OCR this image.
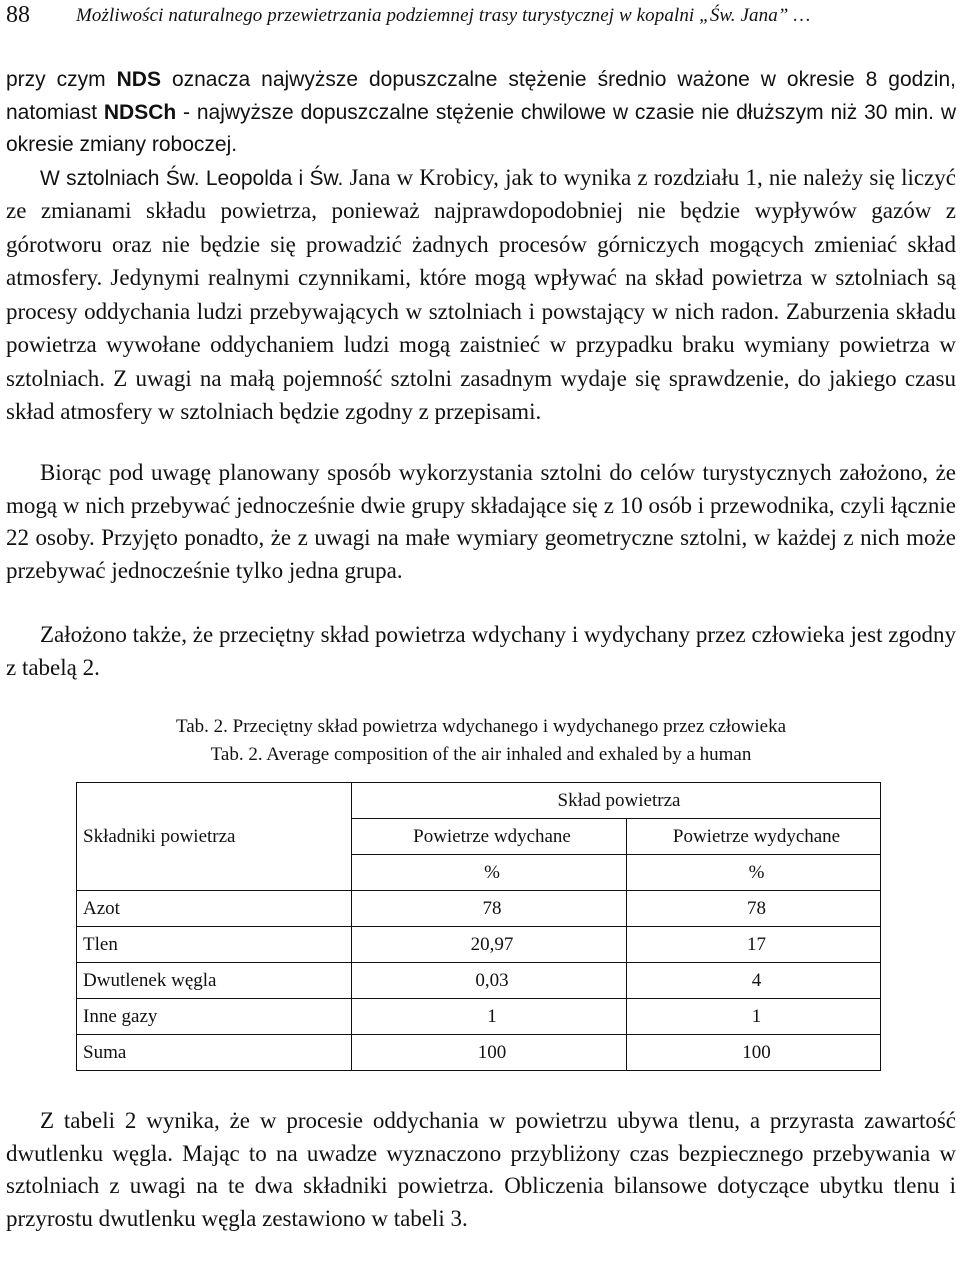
88 Możliwości naturalnego przewietrzania podziemnej trasy turystycznej w kopalni „Św. Jana” …

przy czym NDS oznacza najwyższe dopuszczalne stężenie średnio ważone w okresie 8 godzin, natomiast NDSCh - najwyższe dopuszczalne stężenie chwilowe w czasie nie dłuższym niż 30 min. w okresie zmiany roboczej.

W sztolniach Św. Leopolda i Św. Jana w Krobicy, jak to wynika z rozdziału 1, nie należy się liczyć ze zmianami składu powietrza, ponieważ najprawdopodobniej nie będzie wypływów gazów z górotworu oraz nie będzie się prowadzić żadnych procesów górniczych mogących zmieniać skład atmosfery. Jedynymi realnymi czynnikami, które mogą wpływać na skład powietrza w sztolniach są procesy oddychania ludzi przebywających w sztolniach i powstający w nich radon. Zaburzenia składu powietrza wywołane oddychaniem ludzi mogą zaistnieć w przypadku braku wymiany powietrza w sztolniach. Z uwagi na małą pojemność sztolni zasadnym wydaje się sprawdzenie, do jakiego czasu skład atmosfery w sztolniach będzie zgodny z przepisami.

Biorąc pod uwagę planowany sposób wykorzystania sztolni do celów turystycznych założono, że mogą w nich przebywać jednocześnie dwie grupy składające się z 10 osób i przewodnika, czyli łącznie 22 osoby. Przyjęto ponadto, że z uwagi na małe wymiary geometryczne sztolni, w każdej z nich może przebywać jednocześnie tylko jedna grupa.

Założono także, że przeciętny skład powietrza wdychany i wydychany przez człowieka jest zgodny z tabelą 2.

Tab. 2. Przeciętny skład powietrza wdychanego i wydychanego przez człowieka
Tab. 2. Average composition of the air inhaled and exhaled by a human
Składniki powietrza	Skład powietrza	
	Powietrze wdychane	Powietrze wydychane
	%	%
Azot	78	78
Tlen	20,97	17
Dwutlenek węgla	0,03	4
Inne gazy	1	1
Suma	100	100

Z tabeli 2 wynika, że w procesie oddychania w powietrzu ubywa tlenu, a przyrasta zawartość dwutlenku węgla. Mając to na uwadze wyznaczono przybliżony czas bezpiecznego przebywania w sztolniach z uwagi na te dwa składniki powietrza. Obliczenia bilansowe dotyczące ubytku tlenu i przyrostu dwutlenku węgla zestawiono w tabeli 3.
